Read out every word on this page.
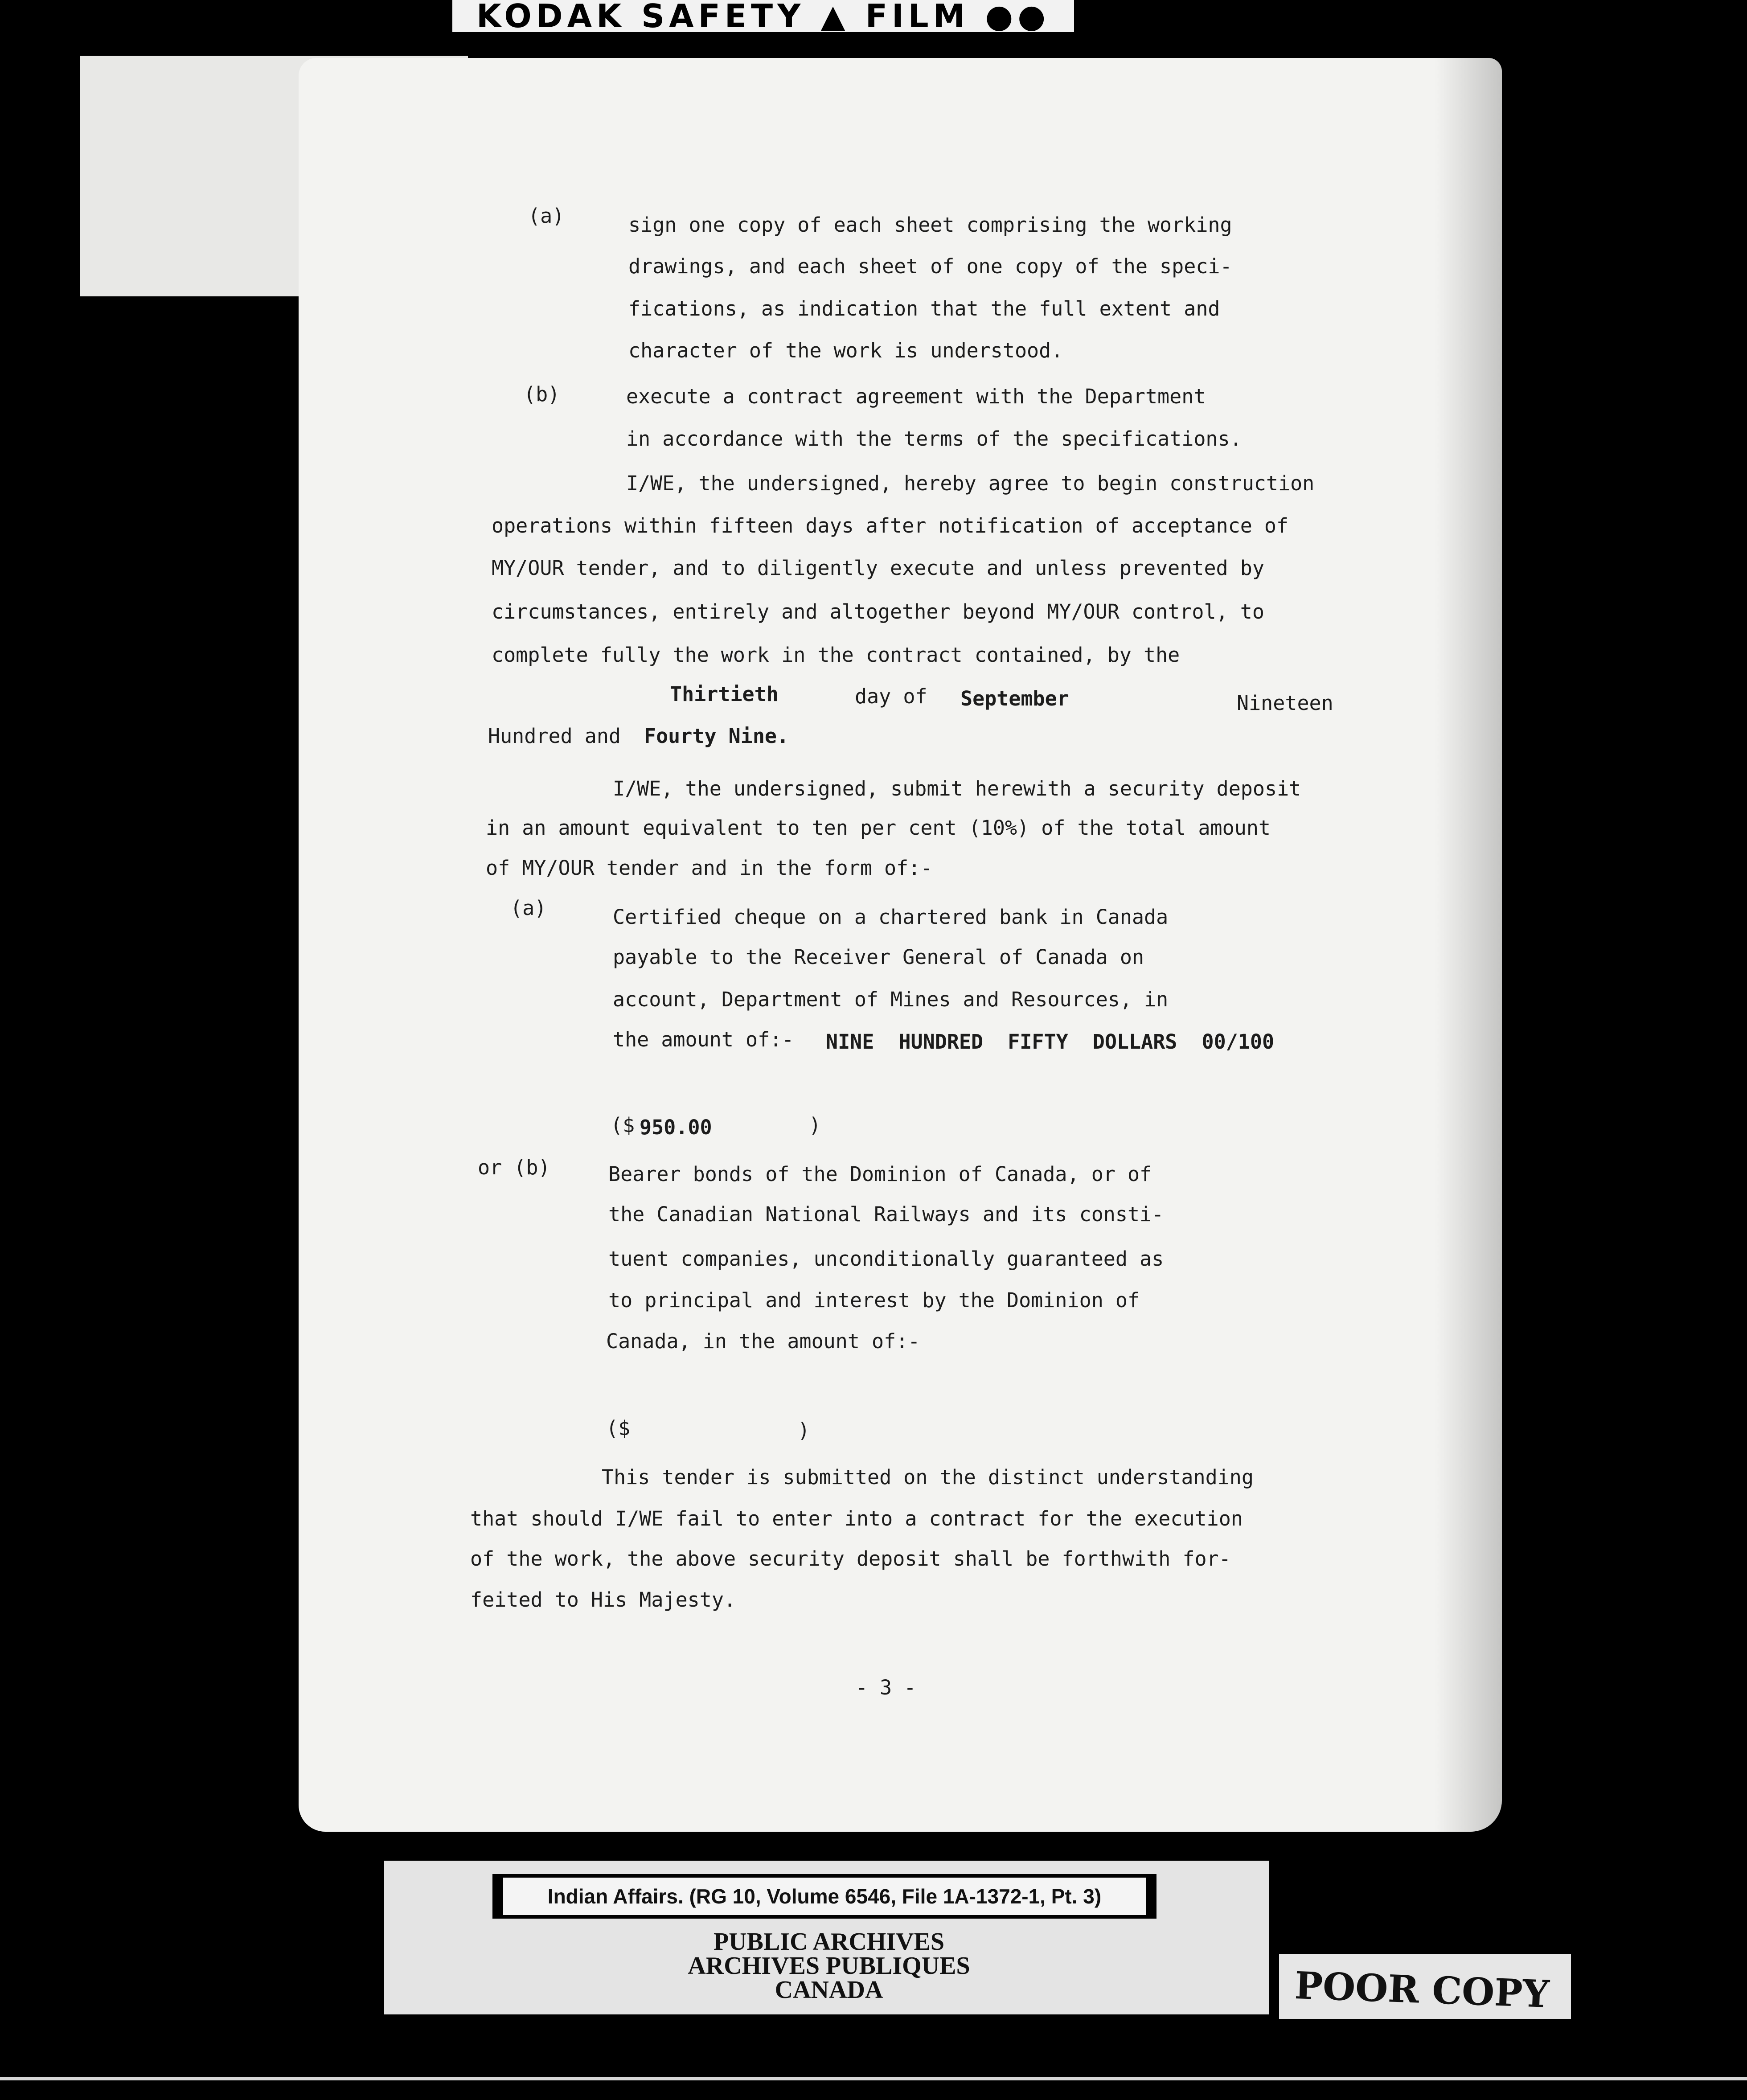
KODAK SAFETY ▲ FILM ●●
(a)	sign one copy of each sheet comprising the working
drawings, and each sheet of one copy of the speci-
fications, as indication that the full extent and
character of the work is understood.
(b)	execute a contract agreement with the Department
in accordance with the terms of the specifications.
I/WE, the undersigned, hereby agree to begin construction
operations within fifteen days after notification of acceptance of
MY/OUR tender, and to diligently execute and unless prevented by
circumstances, entirely and altogether beyond MY/OUR control, to
complete fully the work in the contract contained, by the
Thirtieth	day of September	Nineteen
Hundred and Fourty Nine.
I/WE, the undersigned, submit herewith a security deposit
in an amount equivalent to ten per cent (10%) of the total amount
of MY/OUR tender and in the form of:-
(a)	Certified cheque on a chartered bank in Canada
payable to the Receiver General of Canada on
account, Department of Mines and Resources, in
the amount of:- NINE HUNDRED FIFTY DOLLARS 00/100
($ 950.00	)
or (b)	Bearer bonds of the Dominion of Canada, or of
the Canadian National Railways and its consti-
tuent companies, unconditionally guaranteed as
to principal and interest by the Dominion of
Canada, in the amount of:-
($	)
This tender is submitted on the distinct understanding
that should I/WE fail to enter into a contract for the execution
of the work, the above security deposit shall be forthwith for-
feited to His Majesty.
- 3 -
Indian Affairs. (RG 10, Volume 6546, File 1A-1372-1, Pt. 3)
PUBLIC ARCHIVES
ARCHIVES PUBLIQUES
CANADA	POOR COPY
